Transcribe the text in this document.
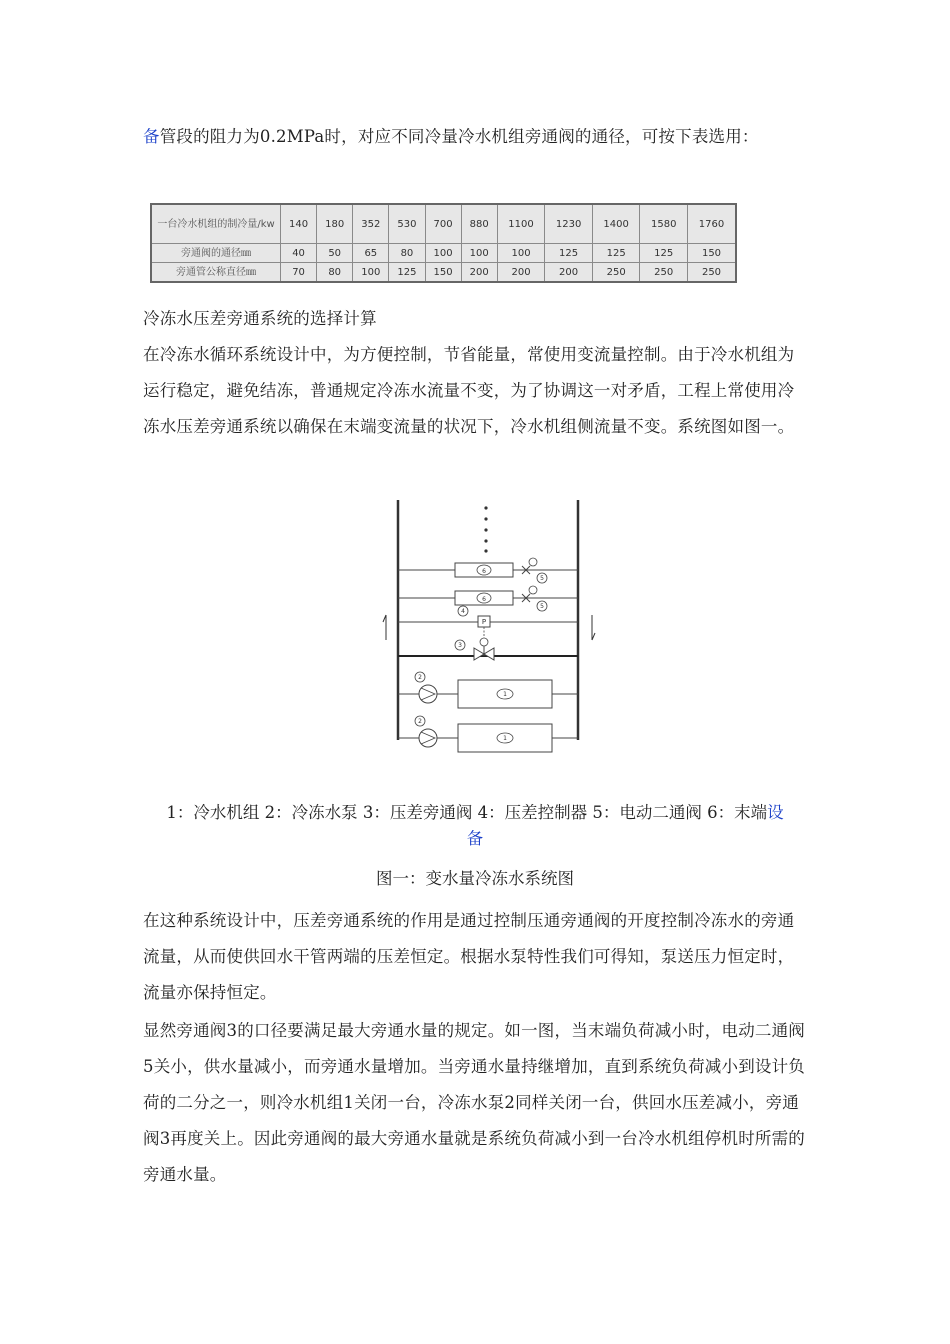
备管段的阻力为0.2MPa时，对应不同冷量冷水机组旁通阀的通径，可按下表选用：

一台冷水机组的制冷量/kw	140	180	352	530	700	880	1100	1230	1400	1580	1760
旁通阀的通径㎜	40	50	65	80	100	100	100	125	125	125	150
旁通管公称直径㎜	70	80	100	125	150	200	200	200	250	250	250

冷冻水压差旁通系统的选择计算

在冷冻水循环系统设计中，为方便控制，节省能量，常使用变流量控制。由于冷水机组为运行稳定，避免结冻，普通规定冷冻水流量不变，为了协调这一对矛盾，工程上常使用冷冻水压差旁通系统以确保在末端变流量的状况下，冷水机组侧流量不变。系统图如图一。

6
5
6
5
4
P
3
2
1
2
1

1：冷水机组 2：冷冻水泵 3：压差旁通阀 4：压差控制器 5：电动二通阀 6：末端设
备

图一：变水量冷冻水系统图

在这种系统设计中，压差旁通系统的作用是通过控制压通旁通阀的开度控制冷冻水的旁通流量，从而使供回水干管两端的压差恒定。根据水泵特性我们可得知，泵送压力恒定时，流量亦保持恒定。

显然旁通阀3的口径要满足最大旁通水量的规定。如一图，当末端负荷减小时，电动二通阀5关小，供水量减小，而旁通水量增加。当旁通水量持继增加，直到系统负荷减小到设计负荷的二分之一，则冷水机组1关闭一台，冷冻水泵2同样关闭一台，供回水压差减小，旁通阀3再度关上。因此旁通阀的最大旁通水量就是系统负荷减小到一台冷水机组停机时所需的旁通水量。
